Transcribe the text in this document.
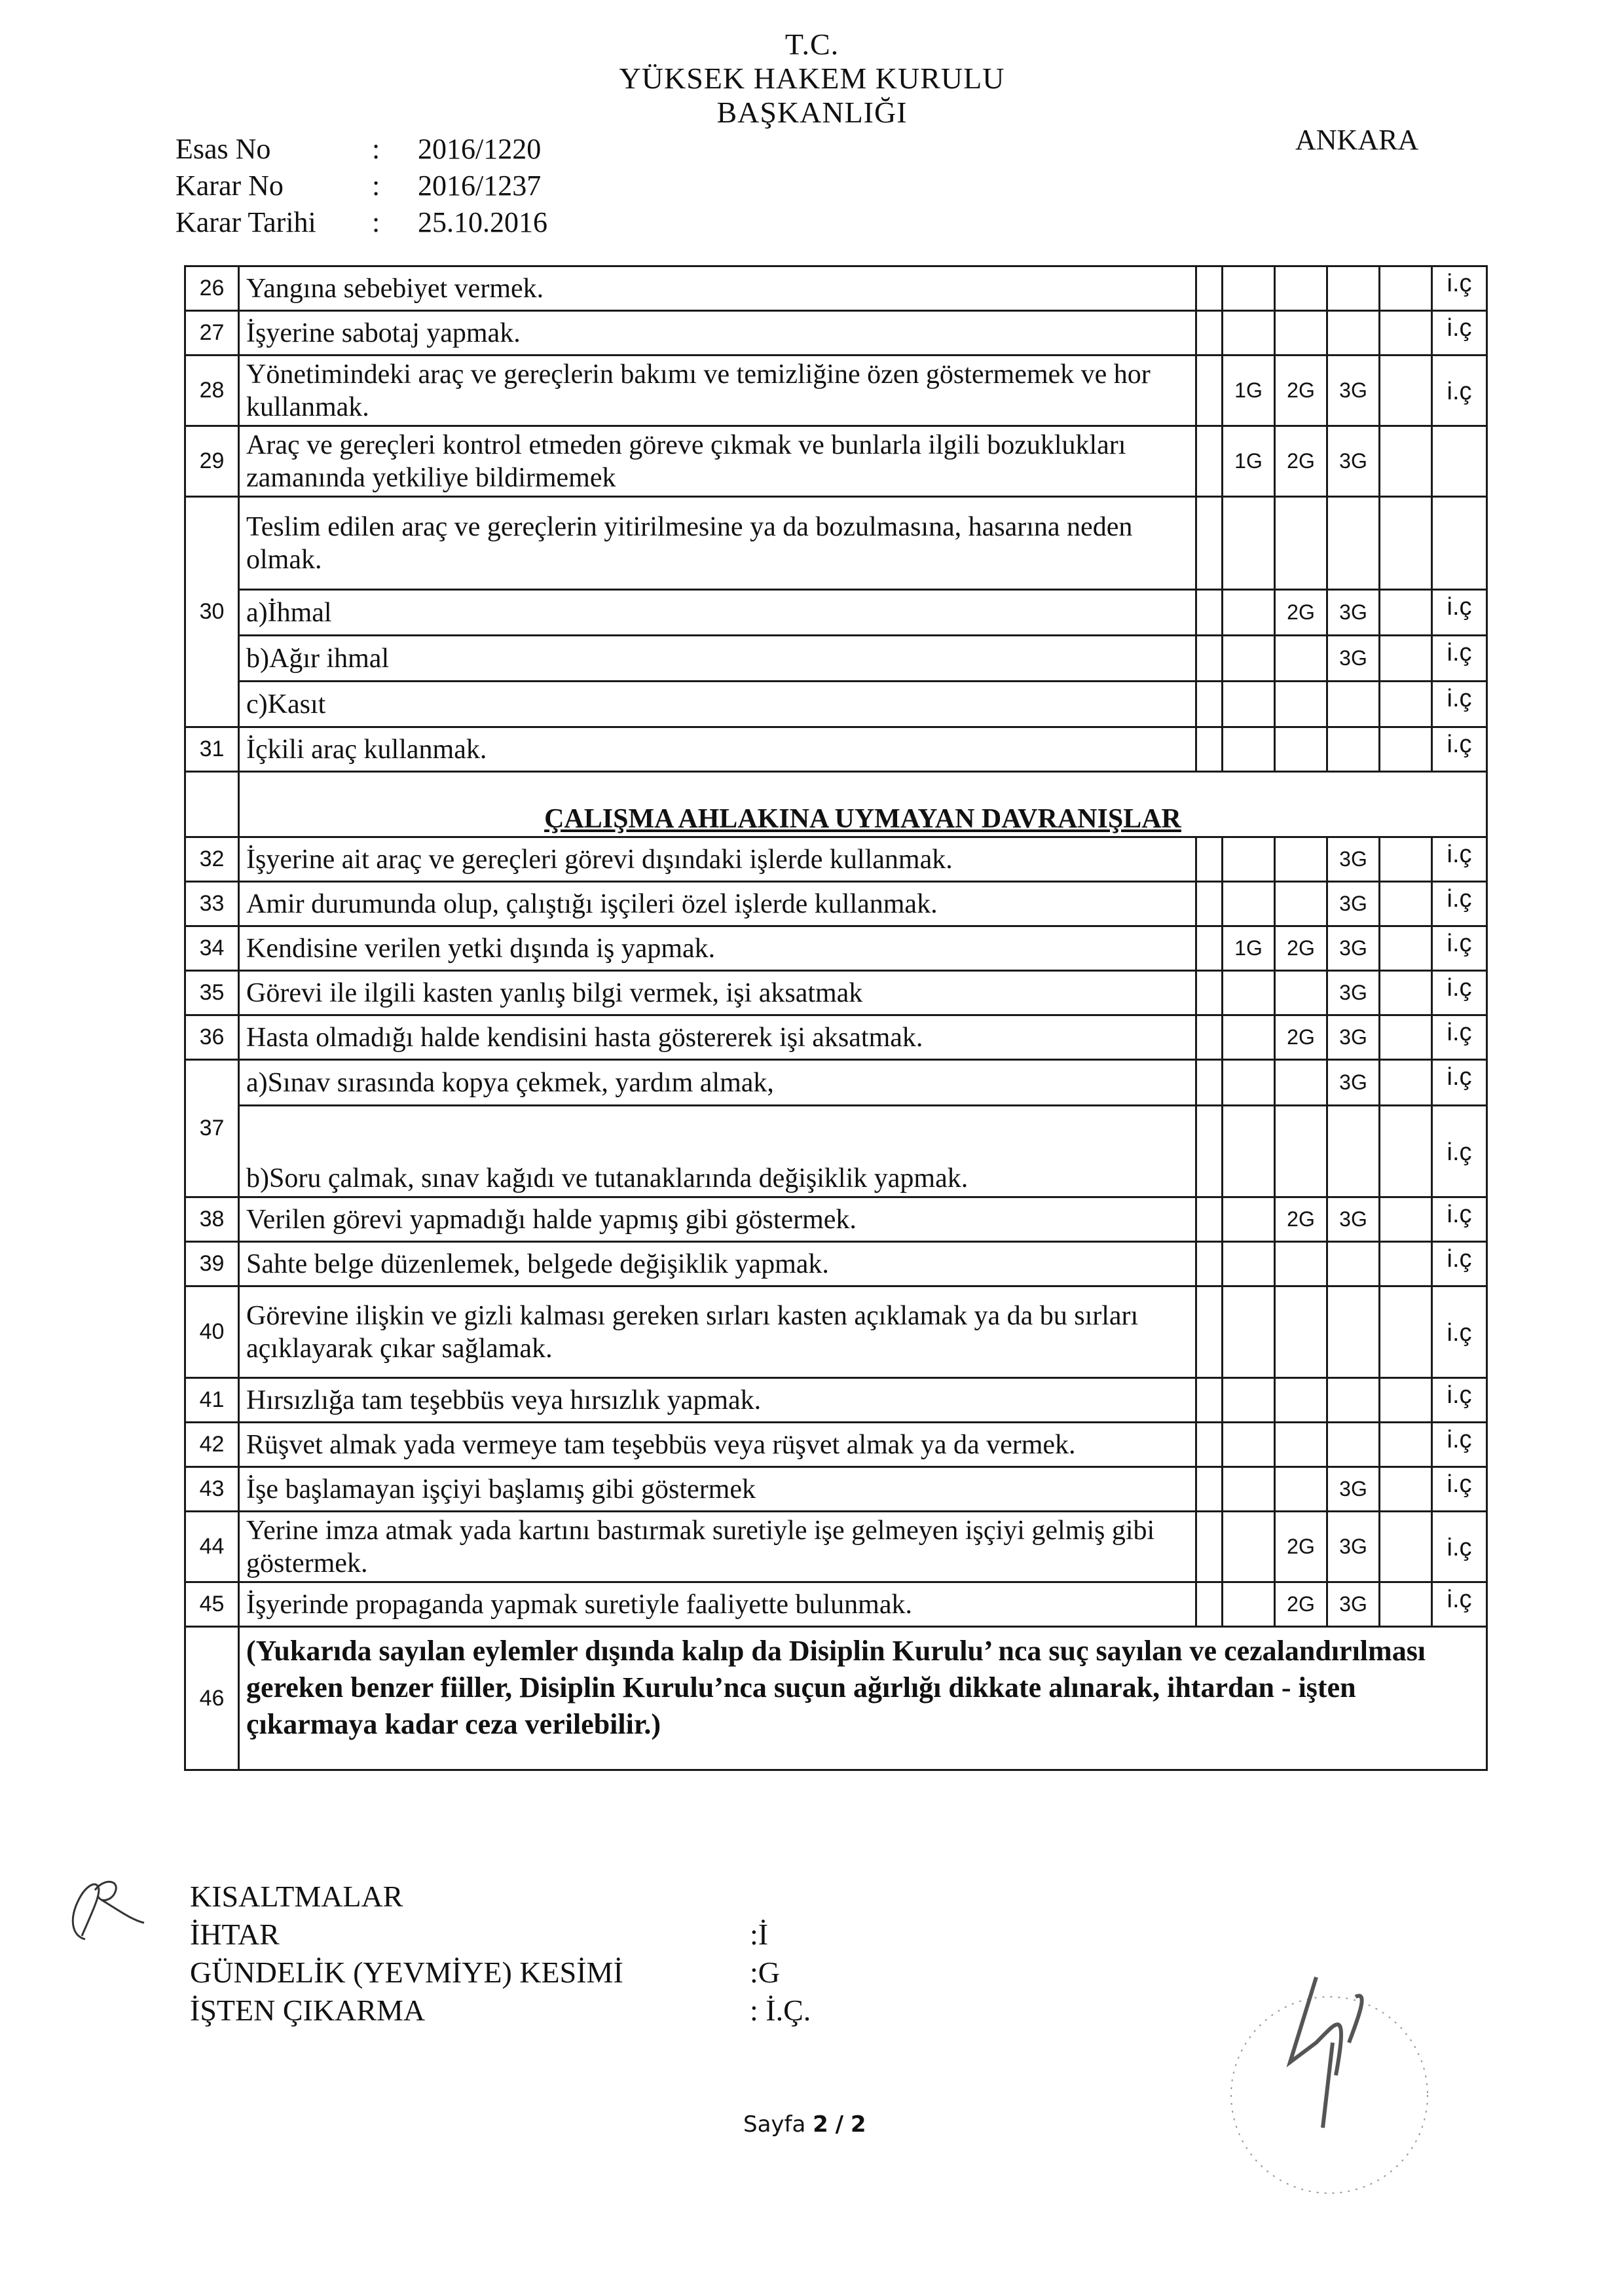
T.C.
YÜKSEK HAKEM KURULU
BAŞKANLIĞI
ANKARA
Esas No	:	2016/1220
Karar No	:	2016/1237
Karar Tarihi	:	25.10.2016
26	Yangına sebebiyet vermek.						i.ç
27	İşyerine sabotaj yapmak.						i.ç
28	Yönetimindeki araç ve gereçlerin bakımı ve temizliğine özen göstermemek ve hor kullanmak.		1G	2G	3G		i.ç
29	Araç ve gereçleri kontrol etmeden göreve çıkmak ve bunlarla ilgili bozuklukları zamanında yetkiliye bildirmemek		1G	2G	3G		
30	Teslim edilen araç ve gereçlerin yitirilmesine ya da bozulmasına, hasarına neden olmak.						
	a)İhmal			2G	3G		i.ç
	b)Ağır ihmal				3G		i.ç
	c)Kasıt						i.ç
31	İçkili araç kullanmak.						i.ç
	ÇALIŞMA AHLAKINA UYMAYAN DAVRANIŞLAR						
32	İşyerine ait araç ve gereçleri görevi dışındaki işlerde kullanmak.				3G		i.ç
33	Amir durumunda olup, çalıştığı işçileri özel işlerde kullanmak.				3G		i.ç
34	Kendisine verilen yetki dışında iş yapmak.		1G	2G	3G		i.ç
35	Görevi ile ilgili kasten yanlış bilgi vermek, işi aksatmak				3G		i.ç
36	Hasta olmadığı halde kendisini hasta göstererek işi aksatmak.			2G	3G		i.ç
37	a)Sınav sırasında kopya çekmek, yardım almak,				3G		i.ç
	b)Soru çalmak, sınav kağıdı ve tutanaklarında değişiklik yapmak.						i.ç
38	Verilen görevi yapmadığı halde yapmış gibi göstermek.			2G	3G		i.ç
39	Sahte belge düzenlemek, belgede değişiklik yapmak.						i.ç
40	Görevine ilişkin ve gizli kalması gereken sırları kasten açıklamak ya da bu sırları açıklayarak çıkar sağlamak.						i.ç
41	Hırsızlığa tam teşebbüs veya hırsızlık yapmak.						i.ç
42	Rüşvet almak yada vermeye tam teşebbüs veya rüşvet almak ya da vermek.						i.ç
43	İşe başlamayan işçiyi başlamış gibi göstermek				3G		i.ç
44	Yerine imza atmak yada kartını bastırmak suretiyle işe gelmeyen işçiyi gelmiş gibi göstermek.			2G	3G		i.ç
45	İşyerinde propaganda yapmak suretiyle faaliyette bulunmak.			2G	3G		i.ç
46	(Yukarıda sayılan eylemler dışında kalıp da Disiplin Kurulu’ nca suç sayılan ve cezalandırılması gereken benzer fiiller, Disiplin Kurulu’nca suçun ağırlığı dikkate alınarak, ihtardan - işten çıkarmaya kadar ceza verilebilir.)						
KISALTMALAR
İHTAR	:İ
GÜNDELİK (YEVMİYE) KESİMİ	:G
İŞTEN ÇIKARMA	: İ.Ç.
Sayfa 2 / 2
